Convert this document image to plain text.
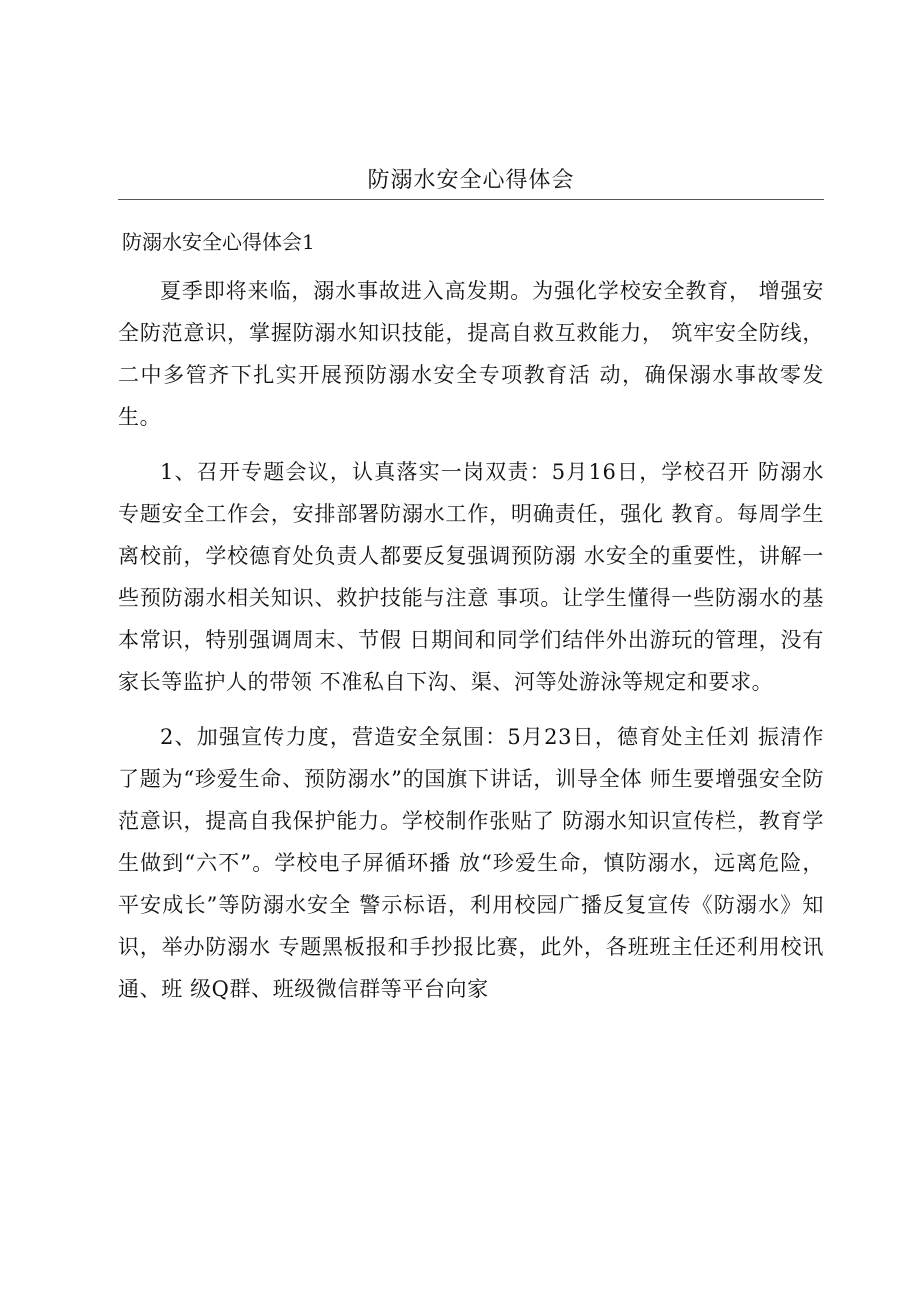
防溺水安全心得体会
防溺水安全心得体会1

夏季即将来临，溺水事故进入高发期。为强化学校安全教育， 增强安全防范意识，掌握防溺水知识技能，提高自救互救能力， 筑牢安全防线，二中多管齐下扎实开展预防溺水安全专项教育活 动，确保溺水事故零发生。

1、召开专题会议，认真落实一岗双责：5月16日，学校召开 防溺水专题安全工作会，安排部署防溺水工作，明确责任，强化 教育。每周学生离校前，学校德育处负责人都要反复强调预防溺 水安全的重要性，讲解一些预防溺水相关知识、救护技能与注意 事项。让学生懂得一些防溺水的基本常识，特别强调周末、节假 日期间和同学们结伴外出游玩的管理，没有家长等监护人的带领 不准私自下沟、渠、河等处游泳等规定和要求。

2、加强宣传力度，营造安全氛围：5月23日，德育处主任刘 振清作了题为“珍爱生命、预防溺水”的国旗下讲话，训导全体 师生要增强安全防范意识，提高自我保护能力。学校制作张贴了 防溺水知识宣传栏，教育学生做到“六不”。学校电子屏循环播 放“珍爱生命，慎防溺水，远离危险，平安成长”等防溺水安全 警示标语，利用校园广播反复宣传《防溺水》知识，举办防溺水 专题黑板报和手抄报比赛，此外，各班班主任还利用校讯通、班 级Q群、班级微信群等平台向家
